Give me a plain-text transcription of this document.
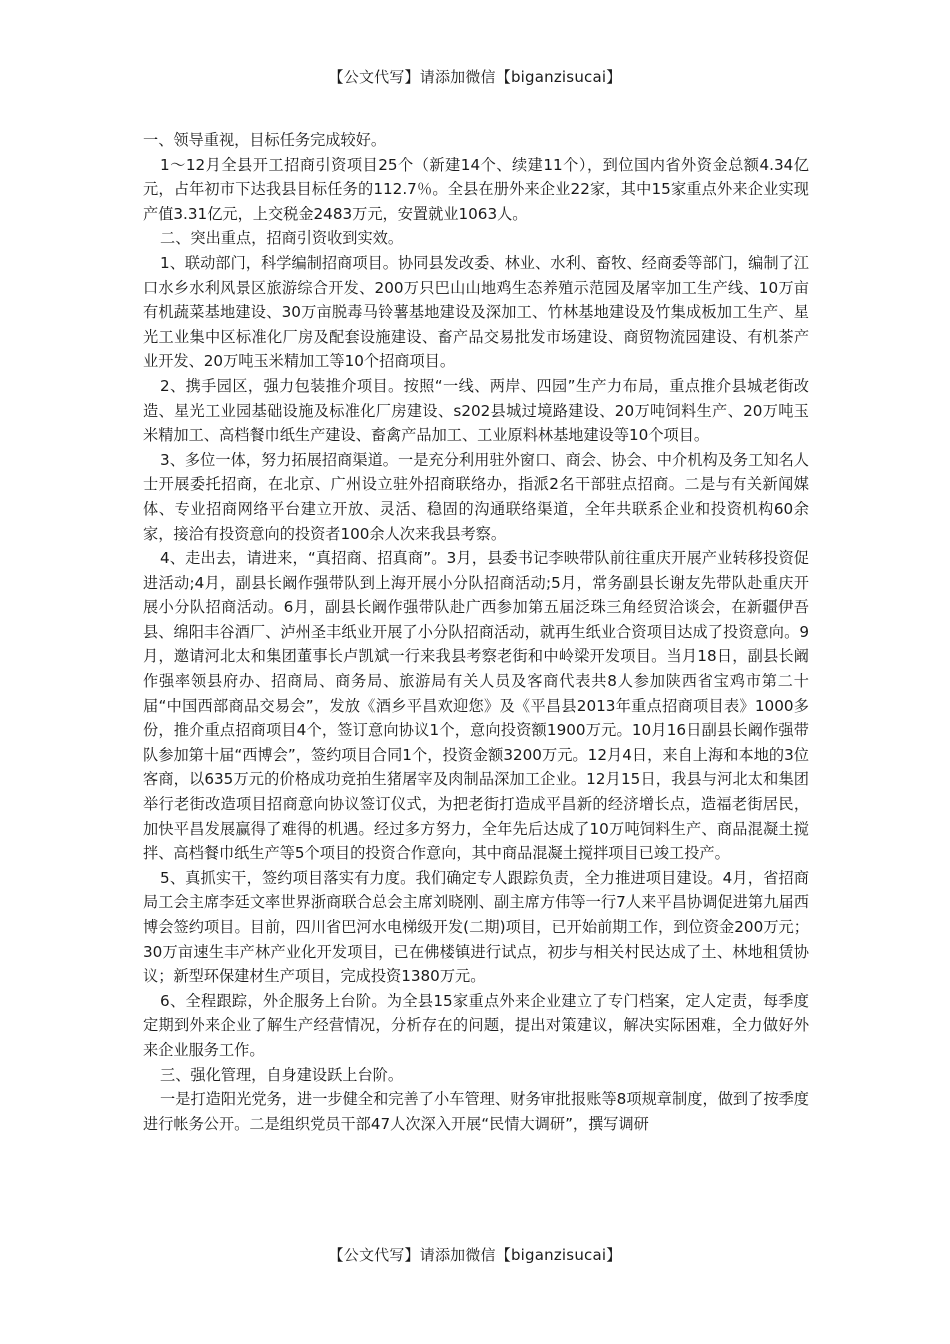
【公文代写】请添加微信【biganzisucai】

一、领导重视，目标任务完成较好。

1～12月全县开工招商引资项目25个（新建14个、续建11个），到位国内省外资金总额4.34亿元，占年初市下达我县目标任务的112.7％。全县在册外来企业22家，其中15家重点外来企业实现产值3.31亿元，上交税金2483万元，安置就业1063人。

二、突出重点，招商引资收到实效。

1、联动部门，科学编制招商项目。协同县发改委、林业、水利、畜牧、经商委等部门，编制了江口水乡水利风景区旅游综合开发、200万只巴山山地鸡生态养殖示范园及屠宰加工生产线、10万亩有机蔬菜基地建设、30万亩脱毒马铃薯基地建设及深加工、竹林基地建设及竹集成板加工生产、星光工业集中区标准化厂房及配套设施建设、畜产品交易批发市场建设、商贸物流园建设、有机茶产业开发、20万吨玉米精加工等10个招商项目。

2、携手园区，强力包装推介项目。按照“一线、两岸、四园”生产力布局，重点推介县城老街改造、星光工业园基础设施及标准化厂房建设、s202县城过境路建设、20万吨饲料生产、20万吨玉米精加工、高档餐巾纸生产建设、畜禽产品加工、工业原料林基地建设等10个项目。

3、多位一体，努力拓展招商渠道。一是充分利用驻外窗口、商会、协会、中介机构及务工知名人士开展委托招商，在北京、广州设立驻外招商联络办，指派2名干部驻点招商。二是与有关新闻媒体、专业招商网络平台建立开放、灵活、稳固的沟通联络渠道，全年共联系企业和投资机构60余家，接洽有投资意向的投资者100余人次来我县考察。

4、走出去，请进来，“真招商、招真商”。3月，县委书记李映带队前往重庆开展产业转移投资促进活动;4月，副县长阚作强带队到上海开展小分队招商活动;5月，常务副县长谢友先带队赴重庆开展小分队招商活动。6月，副县长阚作强带队赴广西参加第五届泛珠三角经贸洽谈会，在新疆伊吾县、绵阳丰谷酒厂、泸州圣丰纸业开展了小分队招商活动，就再生纸业合资项目达成了投资意向。9月，邀请河北太和集团董事长卢凯斌一行来我县考察老街和中岭梁开发项目。当月18日，副县长阚作强率领县府办、招商局、商务局、旅游局有关人员及客商代表共8人参加陕西省宝鸡市第二十届“中国西部商品交易会”，发放《酒乡平昌欢迎您》及《平昌县2013年重点招商项目表》1000多份，推介重点招商项目4个，签订意向协议1个，意向投资额1900万元。10月16日副县长阚作强带队参加第十届“西博会”，签约项目合同1个，投资金额3200万元。12月4日，来自上海和本地的3位客商，以635万元的价格成功竞拍生猪屠宰及肉制品深加工企业。12月15日，我县与河北太和集团举行老街改造项目招商意向协议签订仪式，为把老街打造成平昌新的经济增长点，造福老街居民，加快平昌发展赢得了难得的机遇。经过多方努力，全年先后达成了10万吨饲料生产、商品混凝土搅拌、高档餐巾纸生产等5个项目的投资合作意向，其中商品混凝土搅拌项目已竣工投产。

5、真抓实干，签约项目落实有力度。我们确定专人跟踪负责，全力推进项目建设。4月，省招商局工会主席李廷文率世界浙商联合总会主席刘晓刚、副主席方伟等一行7人来平昌协调促进第九届西博会签约项目。目前，四川省巴河水电梯级开发(二期)项目，已开始前期工作，到位资金200万元；30万亩速生丰产林产业化开发项目，已在佛楼镇进行试点，初步与相关村民达成了土、林地租赁协议；新型环保建材生产项目，完成投资1380万元。

6、全程跟踪，外企服务上台阶。为全县15家重点外来企业建立了专门档案，定人定责，每季度定期到外来企业了解生产经营情况，分析存在的问题，提出对策建议，解决实际困难，全力做好外来企业服务工作。

三、强化管理，自身建设跃上台阶。

一是打造阳光党务，进一步健全和完善了小车管理、财务审批报账等8项规章制度，做到了按季度进行帐务公开。二是组织党员干部47人次深入开展“民情大调研”，撰写调研

【公文代写】请添加微信【biganzisucai】
